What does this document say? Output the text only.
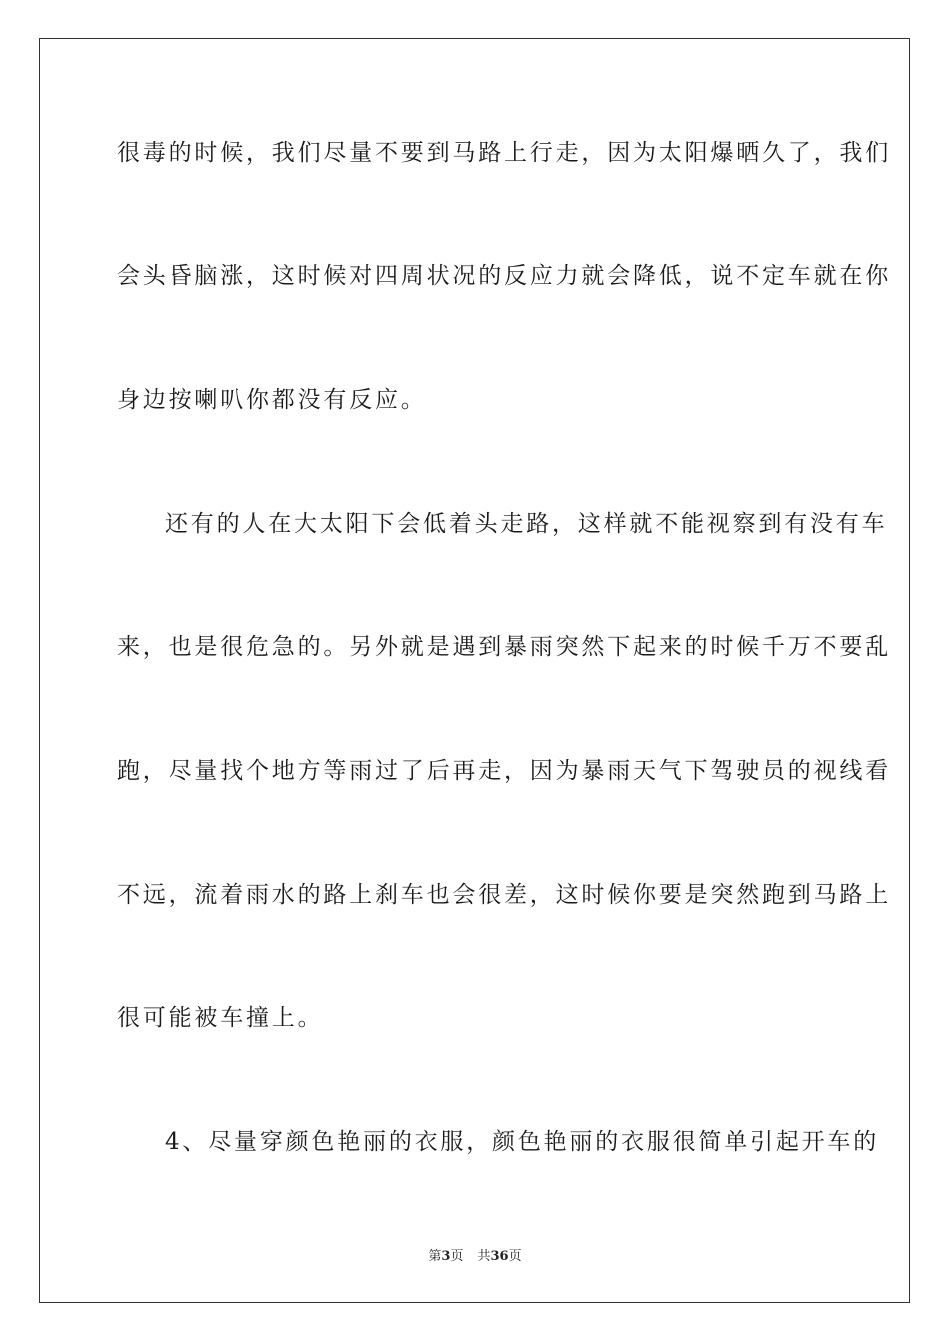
很毒的时候，我们尽量不要到马路上行走，因为太阳爆晒久了，我们
会头昏脑涨，这时候对四周状况的反应力就会降低，说不定车就在你
身边按喇叭你都没有反应。
还有的人在大太阳下会低着头走路，这样就不能视察到有没有车
来，也是很危急的。另外就是遇到暴雨突然下起来的时候千万不要乱
跑，尽量找个地方等雨过了后再走，因为暴雨天气下驾驶员的视线看
不远，流着雨水的路上刹车也会很差，这时候你要是突然跑到马路上
很可能被车撞上。
4、尽量穿颜色艳丽的衣服，颜色艳丽的衣服很简单引起开车的
第3页 共36页
